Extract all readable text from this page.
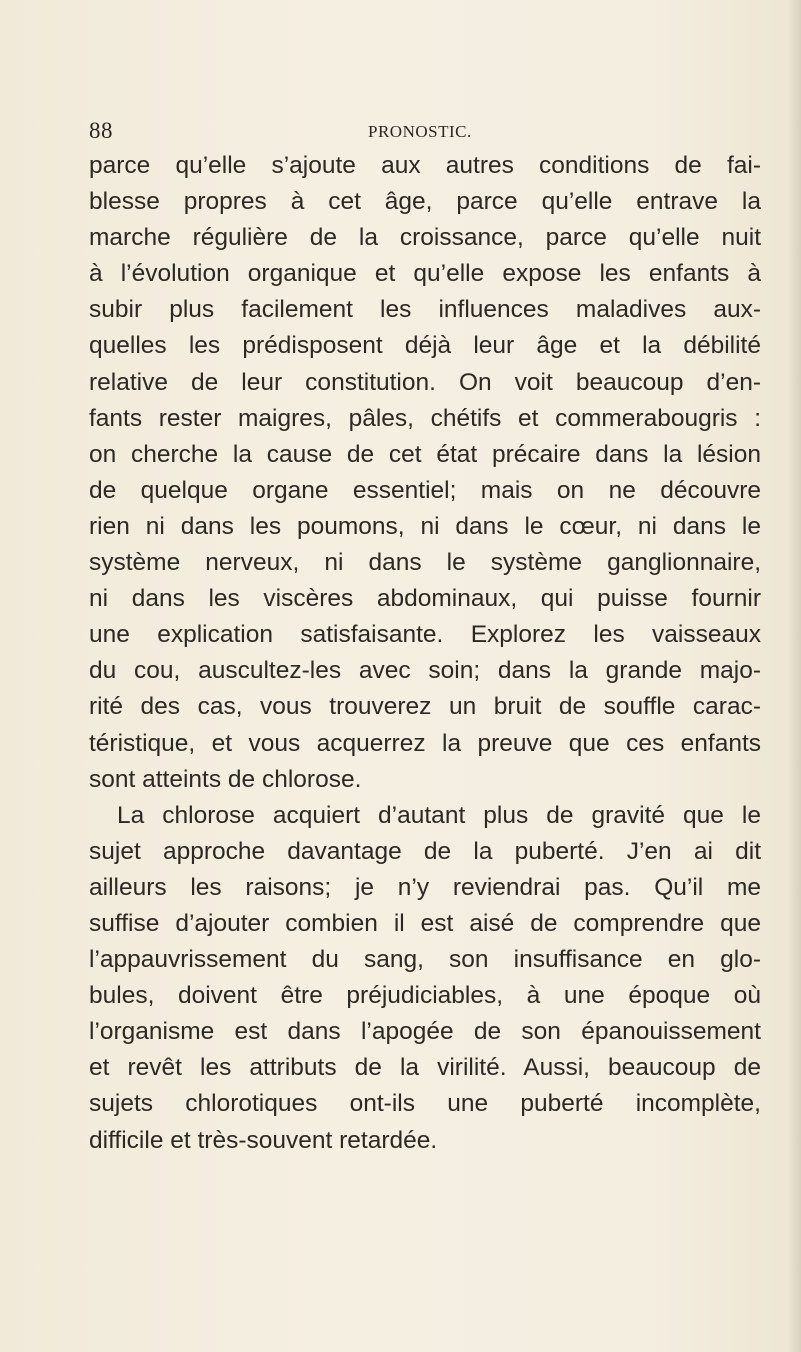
88	PRONOSTIC.
parce qu’elle s’ajoute aux autres conditions de fai-
blesse propres à cet âge, parce qu’elle entrave la
marche régulière de la croissance, parce qu’elle nuit
à l’évolution organique et qu’elle expose les enfants à
subir plus facilement les influences maladives aux-
quelles les prédisposent déjà leur âge et la débilité
relative de leur constitution. On voit beaucoup d’en-
fants rester maigres, pâles, chétifs et commerabougris :
on cherche la cause de cet état précaire dans la lésion
de quelque organe essentiel; mais on ne découvre
rien ni dans les poumons, ni dans le cœur, ni dans le
système nerveux, ni dans le système ganglionnaire,
ni dans les viscères abdominaux, qui puisse fournir
une explication satisfaisante. Explorez les vaisseaux
du cou, auscultez-les avec soin; dans la grande majo-
rité des cas, vous trouverez un bruit de souffle carac-
téristique, et vous acquerrez la preuve que ces enfants
sont atteints de chlorose.
La chlorose acquiert d’autant plus de gravité que le
sujet approche davantage de la puberté. J’en ai dit
ailleurs les raisons; je n’y reviendrai pas. Qu’il me
suffise d’ajouter combien il est aisé de comprendre que
l’appauvrissement du sang, son insuffisance en glo-
bules, doivent être préjudiciables, à une époque où
l’organisme est dans l’apogée de son épanouissement
et revêt les attributs de la virilité. Aussi, beaucoup de
sujets chlorotiques ont-ils une puberté incomplète,
difficile et très-souvent retardée.
